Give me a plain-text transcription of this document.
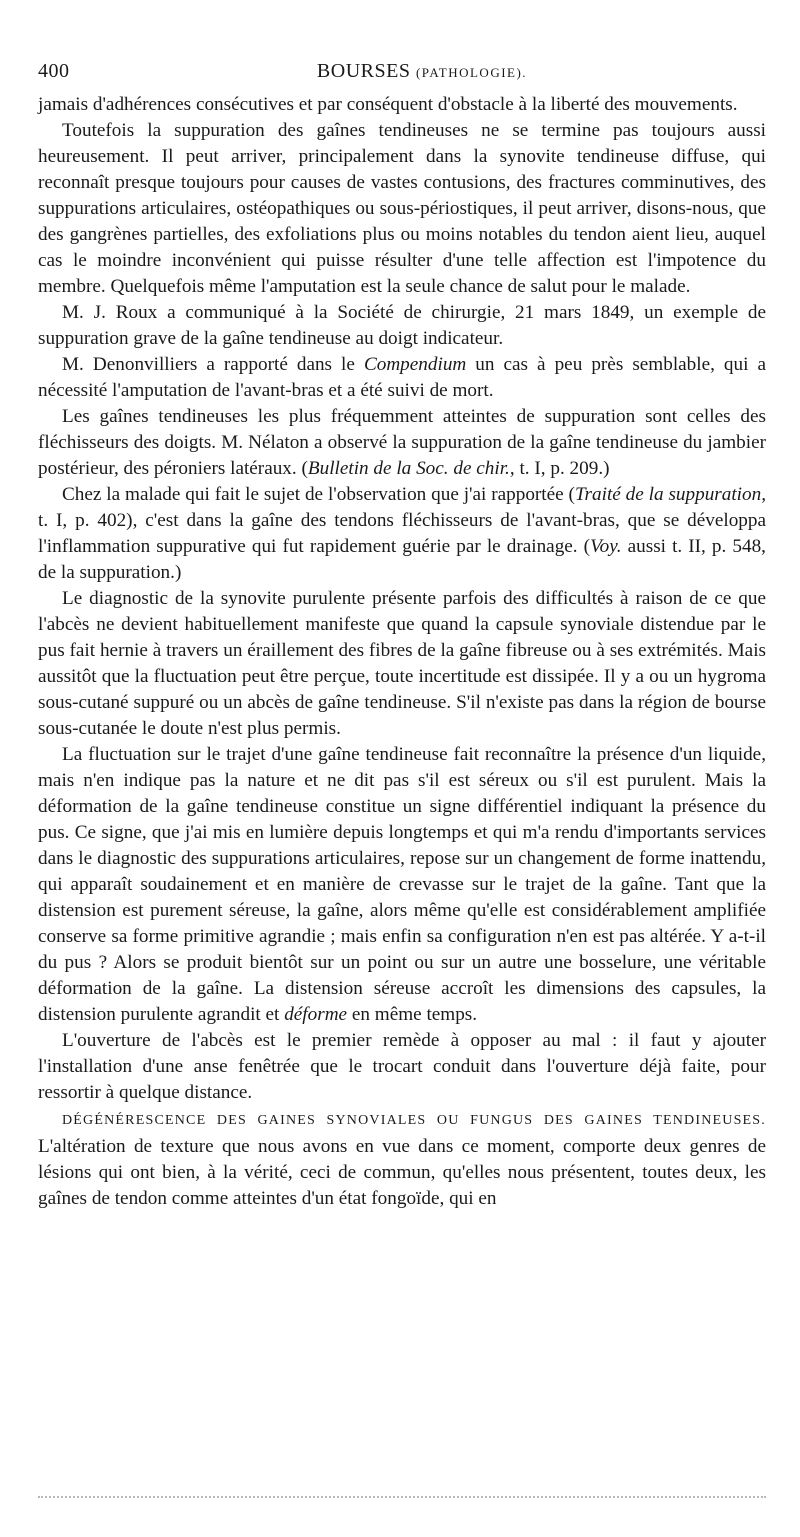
400	BOURSES (PATHOLOGIE).

jamais d'adhérences consécutives et par conséquent d'obstacle à la liberté des mouvements.

Toutefois la suppuration des gaînes tendineuses ne se termine pas toujours aussi heureusement. Il peut arriver, principalement dans la synovite tendineuse diffuse, qui reconnaît presque toujours pour causes de vastes contusions, des fractures comminutives, des suppurations articulaires, ostéopathiques ou sous-périostiques, il peut arriver, disons-nous, que des gangrènes partielles, des exfoliations plus ou moins notables du tendon aient lieu, auquel cas le moindre inconvénient qui puisse résulter d'une telle affection est l'impotence du membre. Quelquefois même l'amputation est la seule chance de salut pour le malade.

M. J. Roux a communiqué à la Société de chirurgie, 21 mars 1849, un exemple de suppuration grave de la gaîne tendineuse au doigt indicateur.

M. Denonvilliers a rapporté dans le Compendium un cas à peu près semblable, qui a nécessité l'amputation de l'avant-bras et a été suivi de mort.

Les gaînes tendineuses les plus fréquemment atteintes de suppuration sont celles des fléchisseurs des doigts. M. Nélaton a observé la suppuration de la gaîne tendineuse du jambier postérieur, des péroniers latéraux. (Bulletin de la Soc. de chir., t. I, p. 209.)

Chez la malade qui fait le sujet de l'observation que j'ai rapportée (Traité de la suppuration, t. I, p. 402), c'est dans la gaîne des tendons fléchisseurs de l'avant-bras, que se développa l'inflammation suppurative qui fut rapidement guérie par le drainage. (Voy. aussi t. II, p. 548, de la suppuration.)

Le diagnostic de la synovite purulente présente parfois des difficultés à raison de ce que l'abcès ne devient habituellement manifeste que quand la capsule synoviale distendue par le pus fait hernie à travers un éraillement des fibres de la gaîne fibreuse ou à ses extrémités. Mais aussitôt que la fluctuation peut être perçue, toute incertitude est dissipée. Il y a ou un hygroma sous-cutané suppuré ou un abcès de gaîne tendineuse. S'il n'existe pas dans la région de bourse sous-cutanée le doute n'est plus permis.

La fluctuation sur le trajet d'une gaîne tendineuse fait reconnaître la présence d'un liquide, mais n'en indique pas la nature et ne dit pas s'il est séreux ou s'il est purulent. Mais la déformation de la gaîne tendineuse constitue un signe différentiel indiquant la présence du pus. Ce signe, que j'ai mis en lumière depuis longtemps et qui m'a rendu d'importants services dans le diagnostic des suppurations articulaires, repose sur un changement de forme inattendu, qui apparaît soudainement et en manière de crevasse sur le trajet de la gaîne. Tant que la distension est purement séreuse, la gaîne, alors même qu'elle est considérablement amplifiée conserve sa forme primitive agrandie ; mais enfin sa configuration n'en est pas altérée. Y a-t-il du pus ? Alors se produit bientôt sur un point ou sur un autre une bosselure, une véritable déformation de la gaîne. La distension séreuse accroît les dimensions des capsules, la distension purulente agrandit et déforme en même temps.

L'ouverture de l'abcès est le premier remède à opposer au mal : il faut y ajouter l'installation d'une anse fenêtrée que le trocart conduit dans l'ouverture déjà faite, pour ressortir à quelque distance.

DÉGÉNÉRESCENCE DES GAINES SYNOVIALES OU FUNGUS DES GAINES TENDINEUSES. L'altération de texture que nous avons en vue dans ce moment, comporte deux genres de lésions qui ont bien, à la vérité, ceci de commun, qu'elles nous présentent, toutes deux, les gaînes de tendon comme atteintes d'un état fongoïde, qui en
